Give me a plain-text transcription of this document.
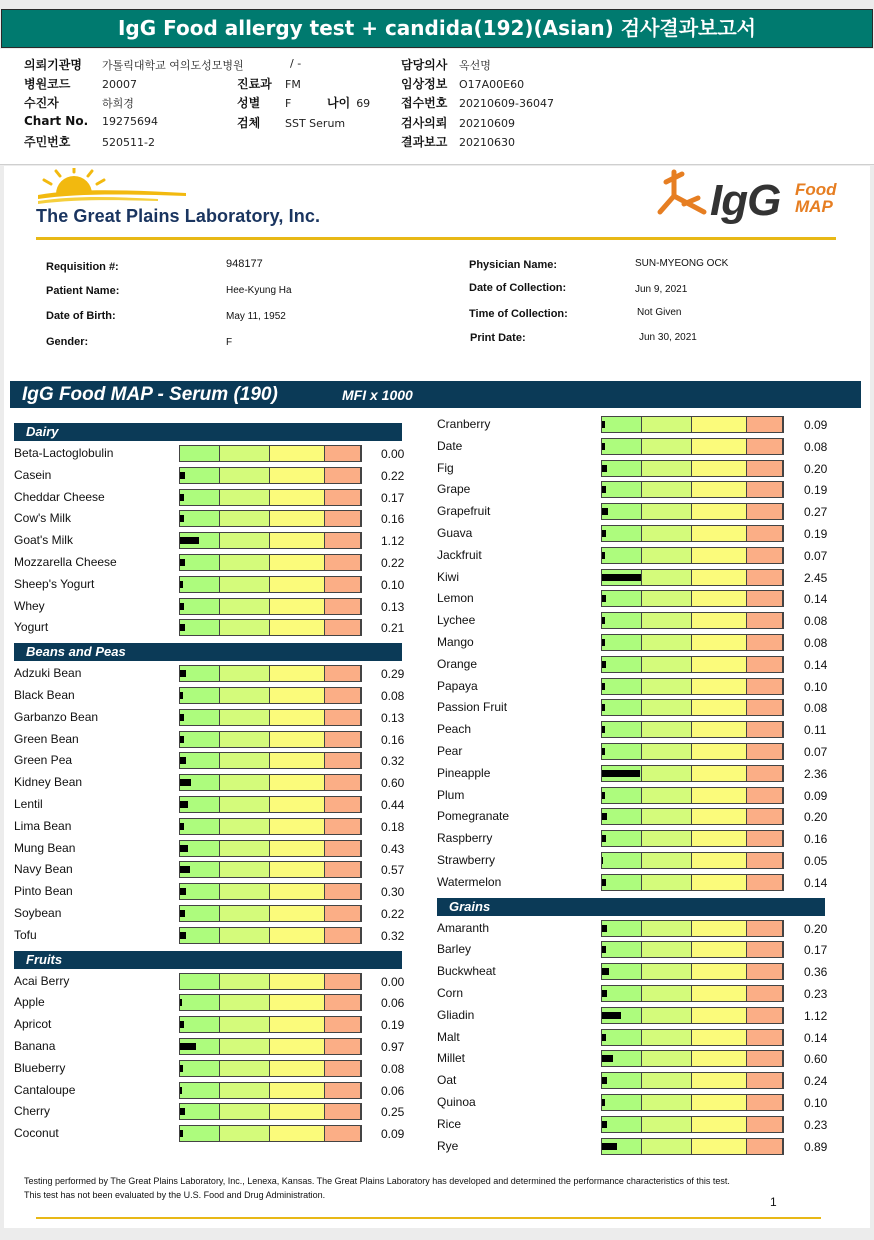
IgG Food allergy test + candida(192)(Asian) 검사결과보고서
의뢰기관명 가톨릭대학교 여의도성모병원
병원코드	20007
수진자	하희경
Chart No. 19275694
주민번호	520511-2
/ -
진료과 FM
성별 F	나이 69
검체 SST Serum
담당의사 옥선명
임상정보 O17A00E60
접수번호 20210609-36047
검사의뢰 20210609
결과보고 20210630
The Great Plains Laboratory, Inc.	IgG Food
MAP
Requisition #:	948177
Patient Name:	Hee-Kyung Ha
Date of Birth:	May 11, 1952
Gender:	F
Physician Name:	SUN-MYEONG OCK
Date of Collection:	Jun 9, 2021
Time of Collection:	Not Given
Print Date:	Jun 30, 2021
IgG Food MAP - Serum (190)	MFI x 1000
Dairy
Beta-Lactoglobulin	0.00
Casein	0.22
Cheddar Cheese	0.17
Cow's Milk	0.16
Goat's Milk	1.12
Mozzarella Cheese	0.22
Sheep's Yogurt	0.10
Whey	0.13
Yogurt	0.21
Beans and Peas
Adzuki Bean	0.29
Black Bean	0.08
Garbanzo Bean	0.13
Green Bean	0.16
Green Pea	0.32
Kidney Bean	0.60
Lentil	0.44
Lima Bean	0.18
Mung Bean	0.43
Navy Bean	0.57
Pinto Bean	0.30
Soybean	0.22
Tofu	0.32
Fruits
Acai Berry	0.00
Apple	0.06
Apricot	0.19
Banana	0.97
Blueberry	0.08
Cantaloupe	0.06
Cherry	0.25
Coconut	0.09
Cranberry	0.09
Date	0.08
Fig	0.20
Grape	0.19
Grapefruit	0.27
Guava	0.19
Jackfruit	0.07
Kiwi	2.45
Lemon	0.14
Lychee	0.08
Mango	0.08
Orange	0.14
Papaya	0.10
Passion Fruit	0.08
Peach	0.11
Pear	0.07
Pineapple	2.36
Plum	0.09
Pomegranate	0.20
Raspberry	0.16
Strawberry	0.05
Watermelon	0.14
Grains
Amaranth	0.20
Barley	0.17
Buckwheat	0.36
Corn	0.23
Gliadin	1.12
Malt	0.14
Millet	0.60
Oat	0.24
Quinoa	0.10
Rice	0.23
Rye	0.89
Testing performed by The Great Plains Laboratory, Inc., Lenexa, Kansas. The Great Plains Laboratory has developed and determined the performance characteristics of this test. This test has not been evaluated by the U.S. Food and Drug Administration.	1
